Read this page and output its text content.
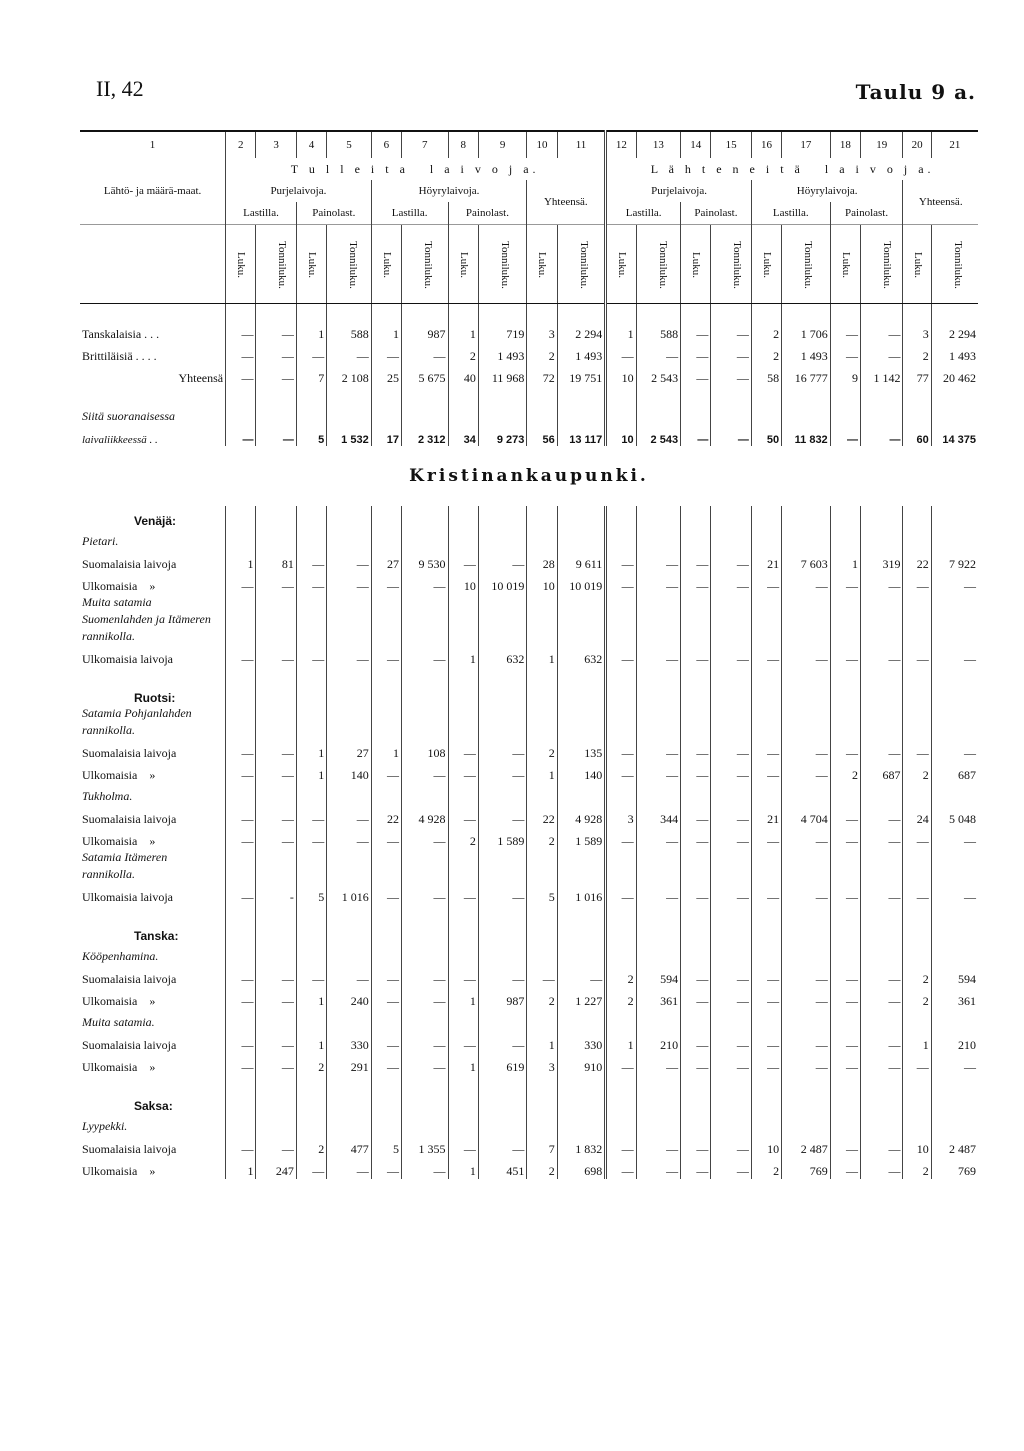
II, 42	Taulu 9 a.
1	2	3	4	5	6	7	8	9	10	11	12	13	14	15	16	17	18	19	20	21
Lähtö- ja määrä-maat.	T u l l e i t a   l a i v o j a.										L ä h t e n e i t ä   l a i v o j a.									
	Purjelaivoja.				Höyrylaivoja.				Yhteensä.		Purjelaivoja.				Höyrylaivoja.				Yhteensä.	
	Lastilla.		Painolast.		Lastilla.		Painolast.				Lastilla.		Painolast.		Lastilla.		Painolast.			
	Luku.	Tonniluku.	Luku.	Tonniluku.	Luku.	Tonniluku.	Luku.	Tonniluku.	Luku.	Tonniluku.	Luku.	Tonniluku.	Luku.	Tonniluku.	Luku.	Tonniluku.	Luku.	Tonniluku.	Luku.	Tonniluku.

Tanskalaisia . . .	—	—	1	588	1	987	1	719	3	2 294	1	588	—	—	2	1 706	—	—	3	2 294
Brittiläisiä . . . .	—	—	—	—	—	—	2	1 493	2	1 493	—	—	—	—	2	1 493	—	—	2	1 493
Yhteensä	—	—	7	2 108	25	5 675	40	11 968	72	19 751	10	2 543	—	—	58	16 777	9	1 142	77	20 462

Siitä suoranaisessa																				
laivaliikkeessä . .	—	—	5	1 532	17	2 312	34	9 273	56	13 117	10	2 543	—	—	50	11 832	—	—	60	14 375
Kristinankaupunki.																				
Venäjä:																				
Pietari.																				
Suomalaisia laivoja	1	81	—	—	27	9 530	—	—	28	9 611	—	—	—	—	21	7 603	1	319	22	7 922
Ulkomaisia    »	—	—	—	—	—	—	10	10 019	10	10 019	—	—	—	—	—	—	—	—	—	—
Muita satamia Suomenlahden ja Itämeren rannikolla.																				
Ulkomaisia laivoja	—	—	—	—	—	—	1	632	1	632	—	—	—	—	—	—	—	—	—	—

Ruotsi:																				
Satamia Pohjanlahden rannikolla.																				
Suomalaisia laivoja	—	—	1	27	1	108	—	—	2	135	—	—	—	—	—	—	—	—	—	—
Ulkomaisia    »	—	—	1	140	—	—	—	—	1	140	—	—	—	—	—	—	2	687	2	687
Tukholma.																				
Suomalaisia laivoja	—	—	—	—	22	4 928	—	—	22	4 928	3	344	—	—	21	4 704	—	—	24	5 048
Ulkomaisia    »	—	—	—	—	—	—	2	1 589	2	1 589	—	—	—	—	—	—	—	—	—	—
Satamia Itämeren rannikolla.																				
Ulkomaisia laivoja	—	-	5	1 016	—	—	—	—	5	1 016	—	—	—	—	—	—	—	—	—	—

Tanska:																				
Kööpenhamina.																				
Suomalaisia laivoja	—	—	—	—	—	—	—	—	—	—	2	594	—	—	—	—	—	—	2	594
Ulkomaisia    »	—	—	1	240	—	—	1	987	2	1 227	2	361	—	—	—	—	—	—	2	361
Muita satamia.																				
Suomalaisia laivoja	—	—	1	330	—	—	—	—	1	330	1	210	—	—	—	—	—	—	1	210
Ulkomaisia    »	—	—	2	291	—	—	1	619	3	910	—	—	—	—	—	—	—	—	—	—

Saksa:																				
Lyypekki.																				
Suomalaisia laivoja	—	—	2	477	5	1 355	—	—	7	1 832	—	—	—	—	10	2 487	—	—	10	2 487
Ulkomaisia    »	1	247	—	—	—	—	1	451	2	698	—	—	—	—	2	769	—	—	2	769
